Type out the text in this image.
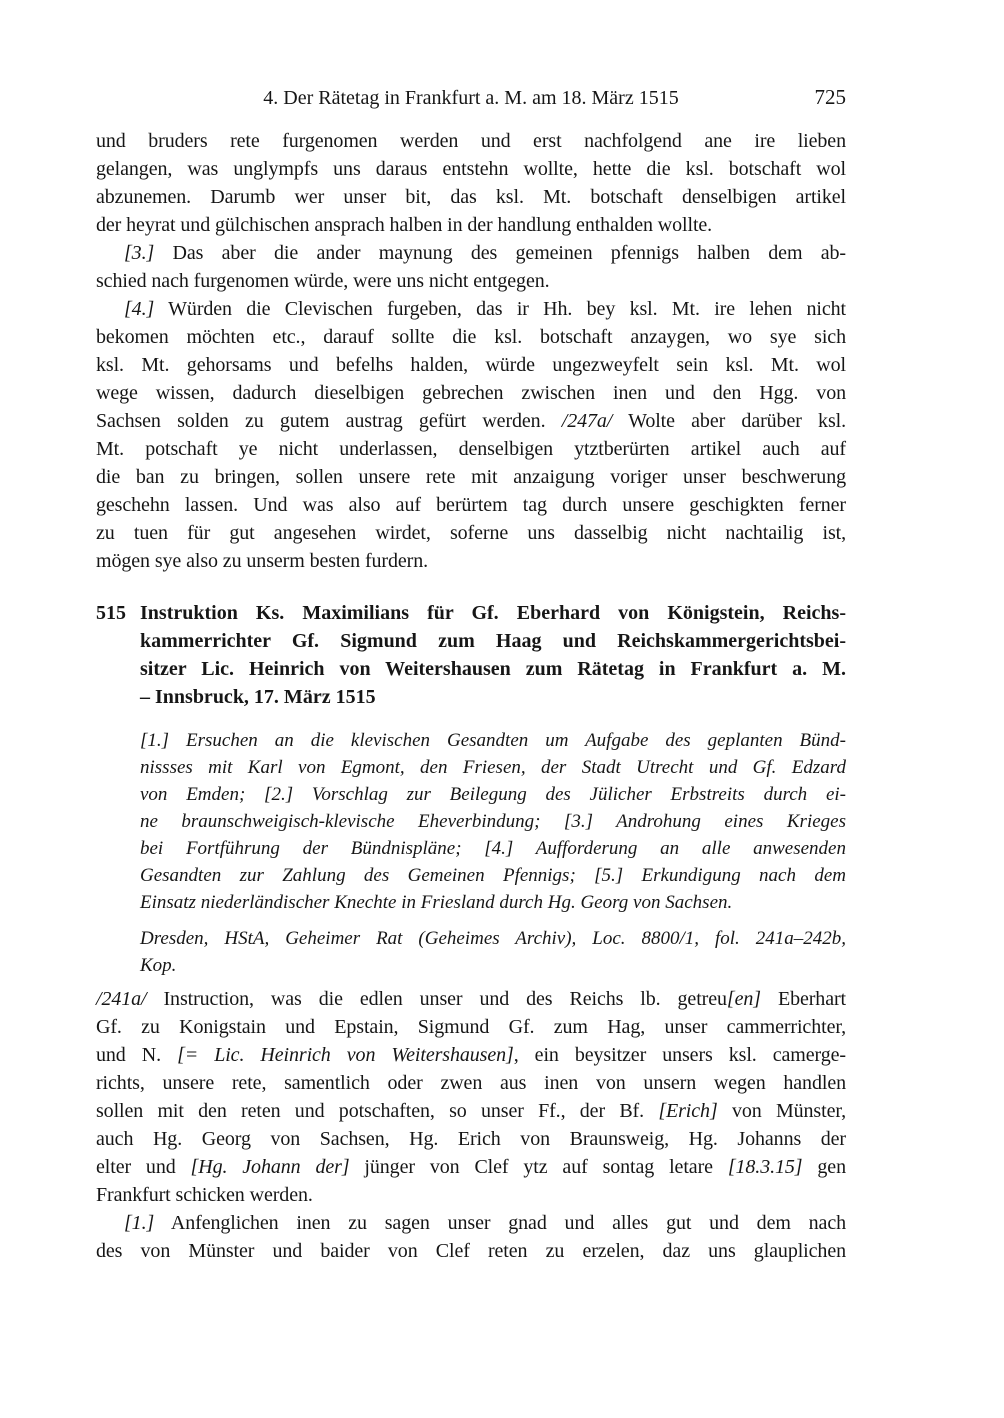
4. Der Rätetag in Frankfurt a. M. am 18. März 1515	725
und bruders rete furgenomen werden und erst nachfolgend ane ire lieben
gelangen, was unglympfs uns daraus entstehn wollte, hette die ksl. botschaft wol
abzunemen. Darumb wer unser bit, das ksl. Mt. botschaft denselbigen artikel
der heyrat und gülchischen ansprach halben in der handlung enthalden wollte.
[3.] Das aber die ander maynung des gemeinen pfennigs halben dem ab-
schied nach furgenomen würde, were uns nicht entgegen.
[4.] Würden die Clevischen furgeben, das ir Hh. bey ksl. Mt. ire lehen nicht
bekomen möchten etc., darauf sollte die ksl. botschaft anzaygen, wo sye sich
ksl. Mt. gehorsams und befelhs halden, würde ungezweyfelt sein ksl. Mt. wol
wege wissen, dadurch dieselbigen gebrechen zwischen inen und den Hgg. von
Sachsen solden zu gutem austrag gefürt werden. /247a/ Wolte aber darüber ksl.
Mt. potschaft ye nicht underlassen, denselbigen ytztberürten artikel auch auf
die ban zu bringen, sollen unsere rete mit anzaigung voriger unser beschwerung
geschehn lassen. Und was also auf berürtem tag durch unsere geschigkten ferner
zu tuen für gut angesehen wirdet, soferne uns dasselbig nicht nachtailig ist,
mögen sye also zu unserm besten furdern.
515 Instruktion Ks. Maximilians für Gf. Eberhard von Königstein, Reichs-
kammerrichter Gf. Sigmund zum Haag und Reichskammergerichtsbei-
sitzer Lic. Heinrich von Weitershausen zum Rätetag in Frankfurt a. M.
– Innsbruck, 17. März 1515
[1.] Ersuchen an die klevischen Gesandten um Aufgabe des geplanten Bünd-
nissses mit Karl von Egmont, den Friesen, der Stadt Utrecht und Gf. Edzard
von Emden; [2.] Vorschlag zur Beilegung des Jülicher Erbstreits durch ei-
ne braunschweigisch-klevische Eheverbindung; [3.] Androhung eines Krieges
bei Fortführung der Bündnispläne; [4.] Aufforderung an alle anwesenden
Gesandten zur Zahlung des Gemeinen Pfennigs; [5.] Erkundigung nach dem
Einsatz niederländischer Knechte in Friesland durch Hg. Georg von Sachsen.
Dresden, HStA, Geheimer Rat (Geheimes Archiv), Loc. 8800/1, fol. 241a–242b,
Kop.
/241a/ Instruction, was die edlen unser und des Reichs lb. getreu[en] Eberhart
Gf. zu Konigstain und Epstain, Sigmund Gf. zum Hag, unser cammerrichter,
und N. [= Lic. Heinrich von Weitershausen], ein beysitzer unsers ksl. camerge-
richts, unsere rete, samentlich oder zwen aus inen von unsern wegen handlen
sollen mit den reten und potschaften, so unser Ff., der Bf. [Erich] von Münster,
auch Hg. Georg von Sachsen, Hg. Erich von Braunsweig, Hg. Johanns der
elter und [Hg. Johann der] jünger von Clef ytz auf sontag letare [18.3.15] gen
Frankfurt schicken werden.
[1.] Anfenglichen inen zu sagen unser gnad und alles gut und dem nach
des von Münster und baider von Clef reten zu erzelen, daz uns glauplichen
